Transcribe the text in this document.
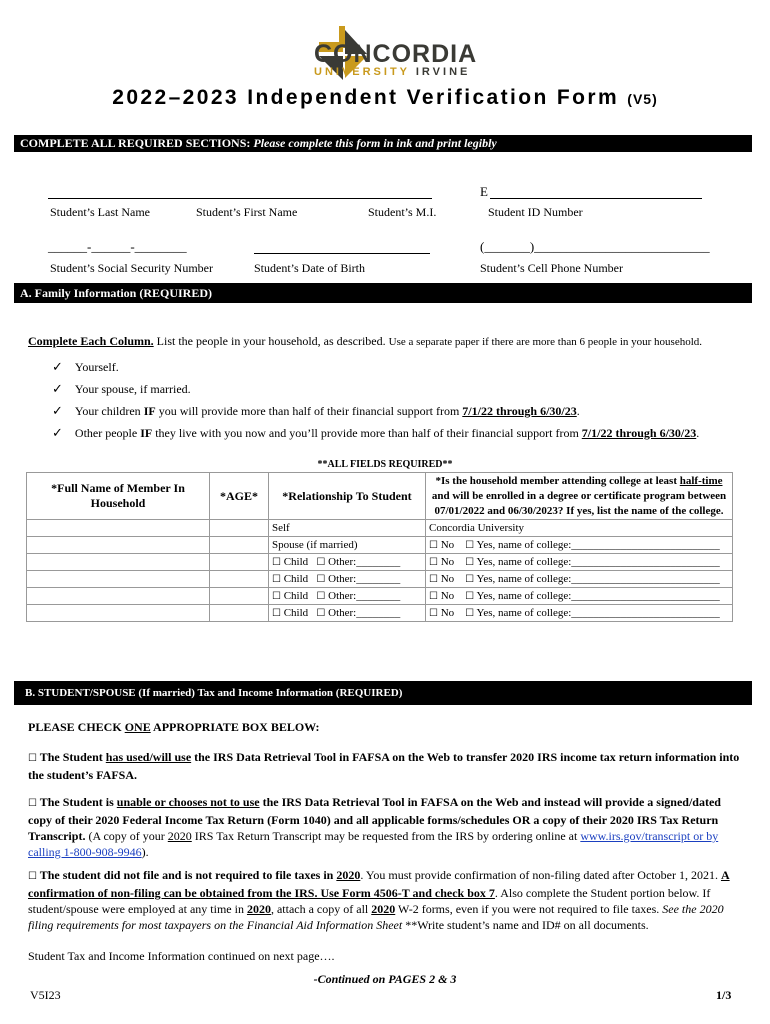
CONCORDIA
UNIVERSITY IRVINE
2022–2023 Independent Verification Form (V5)
COMPLETE ALL REQUIRED SECTIONS: Please complete this form in ink and print legibly
Student’s Last Name	Student’s First Name	Student’s M.I.
E
Student ID Number
______-______-________
Student’s Social Security Number	Student’s Date of Birth
(_______)___________________________
Student’s Cell Phone Number
A. Family Information (REQUIRED)
Complete Each Column. List the people in your household, as described. Use a separate paper if there are more than 6 people in your household.
✓ Yourself.
✓ Your spouse, if married.
✓ Your children IF you will provide more than half of their financial support from 7/1/22 through 6/30/23.
✓ Other people IF they live with you now and you’ll provide more than half of their financial support from 7/1/22 through 6/30/23.
**ALL FIELDS REQUIRED**
*Full Name of Member In Household	*AGE*	*Relationship To Student	*Is the household member attending college at least half-time and will be enrolled in a degree or certificate program between 07/01/2022 and 06/30/2023? If yes, list the name of the college.

		Self	Concordia University
		Spouse (if married)	☐ No ☐ Yes, name of college:___________________________
		☐ Child ☐ Other:________	☐ No ☐ Yes, name of college:___________________________
		☐ Child ☐ Other:________	☐ No ☐ Yes, name of college:___________________________
		☐ Child ☐ Other:________	☐ No ☐ Yes, name of college:___________________________
		☐ Child ☐ Other:________	☐ No ☐ Yes, name of college:___________________________
B. STUDENT/SPOUSE (If married) Tax and Income Information (REQUIRED)
PLEASE CHECK ONE APPROPRIATE BOX BELOW:
☐ The Student has used/will use the IRS Data Retrieval Tool in FAFSA on the Web to transfer 2020 IRS income tax return information into the student’s FAFSA.
☐ The Student is unable or chooses not to use the IRS Data Retrieval Tool in FAFSA on the Web and instead will provide a signed/dated copy of their 2020 Federal Income Tax Return (Form 1040) and all applicable forms/schedules OR a copy of their 2020 IRS Tax Return Transcript. (A copy of your 2020 IRS Tax Return Transcript may be requested from the IRS by ordering online at www.irs.gov/transcript or by calling 1-800-908-9946).
☐ The student did not file and is not required to file taxes in 2020. You must provide confirmation of non-filing dated after October 1, 2021. A confirmation of non-filing can be obtained from the IRS. Use Form 4506-T and check box 7. Also complete the Student portion below. If student/spouse were employed at any time in 2020, attach a copy of all 2020 W-2 forms, even if you were not required to file taxes. See the 2020 filing requirements for most taxpayers on the Financial Aid Information Sheet **Write student’s name and ID# on all documents.
Student Tax and Income Information continued on next page….
-Continued on PAGES 2 & 3
V5I23	1/3
